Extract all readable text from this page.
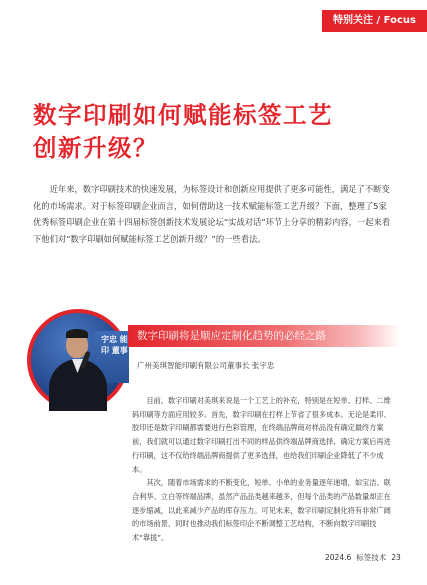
特别关注 / Focus
数字印刷如何赋能标签工艺
创新升级？

近年来，数字印刷技术的快速发展，为标签设计和创新应用提供了更多可能性，满足了不断变化的市场需求。对于标签印刷企业而言，如何借助这一技术赋能标签工艺升级？下面，整理了5家优秀标签印刷企业在第十四届标签创新技术发展论坛“实战对话”环节上分享的精彩内容，一起来看下他们对“数字印刷如何赋能标签工艺创新升级？”的一些看法。

宇忠 能印 董事
数字印刷将是顺应定制化趋势的必经之路
广州美琪智能印刷有限公司董事长 张宇忠

目前，数字印刷对美琪来说是一个工艺上的补充，特别是在短单、打样、二维码印刷等方面应用较多。首先，数字印刷在打样上节省了很多成本。无论是柔印、胶印还是数字印刷都需要进行色彩管理，在终端品牌商对样品没有确定最终方案前，我们就可以通过数字印刷打出不同的样品供终端品牌商选择，确定方案后再进行印刷，这不仅给终端品牌商提供了更多选择，也给我们印刷企业降低了不少成本。

其次，随着市场需求的不断变化，短单、小单的业务量逐年递增，如宝洁、联合利华、立白等终端品牌，虽然产品品类越来越多，但每个品类的产品数量却正在逐步缩减，以此来减少产品的库存压力。可见未来，数字印刷定制化将有非常广阔的市场前景，同时也推动我们标签印企不断调整工艺结构，不断向数字印刷技术“靠拢”。

2024.6 标签技术 23
